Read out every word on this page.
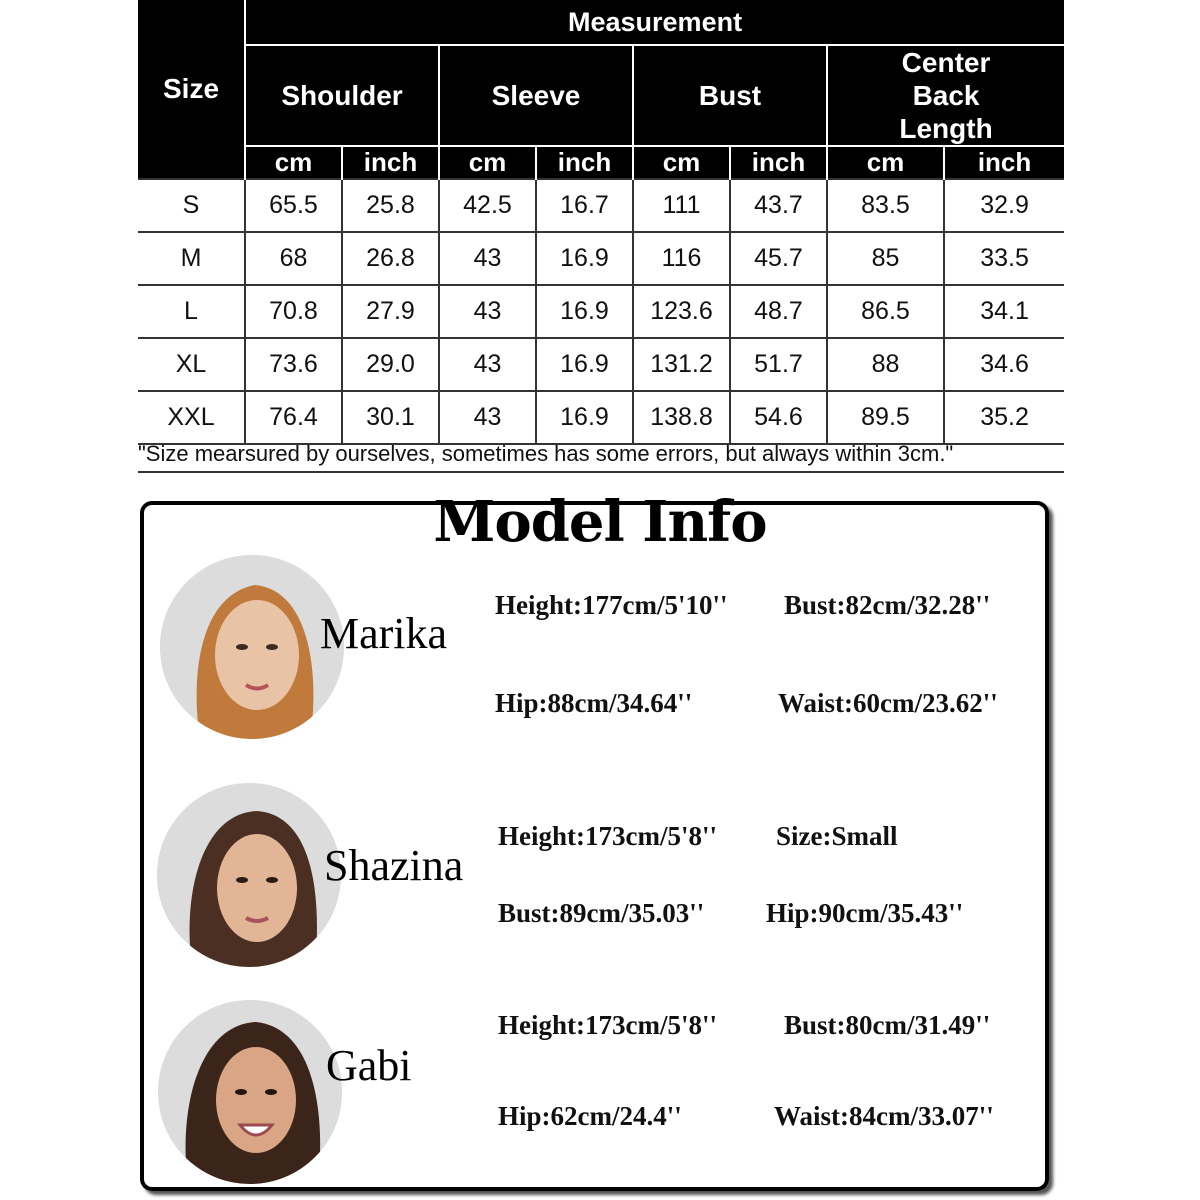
Size	Measurement							
	Shoulder		Sleeve		Bust		Center Back Length	

	cm	inch	cm	inch	cm	inch	cm	inch
S	65.5	25.8	42.5	16.7	111	43.7	83.5	32.9
M	68	26.8	43	16.9	116	45.7	85	33.5
L	70.8	27.9	43	16.9	123.6	48.7	86.5	34.1
XL	73.6	29.0	43	16.9	131.2	51.7	88	34.6
XXL	76.4	30.1	43	16.9	138.8	54.6	89.5	35.2
"Size mearsured by ourselves, sometimes has some errors, but always within 3cm."
Model Info
Marika
Height:177cm/5'10'' Bust:82cm/32.28''
Hip:88cm/34.64''	Waist:60cm/23.62''
Shazina
Height:173cm/5'8'' Size:Small
Bust:89cm/35.03'' Hip:90cm/35.43''
Gabi
Height:173cm/5'8'' Bust:80cm/31.49''
Hip:62cm/24.4''	Waist:84cm/33.07''
